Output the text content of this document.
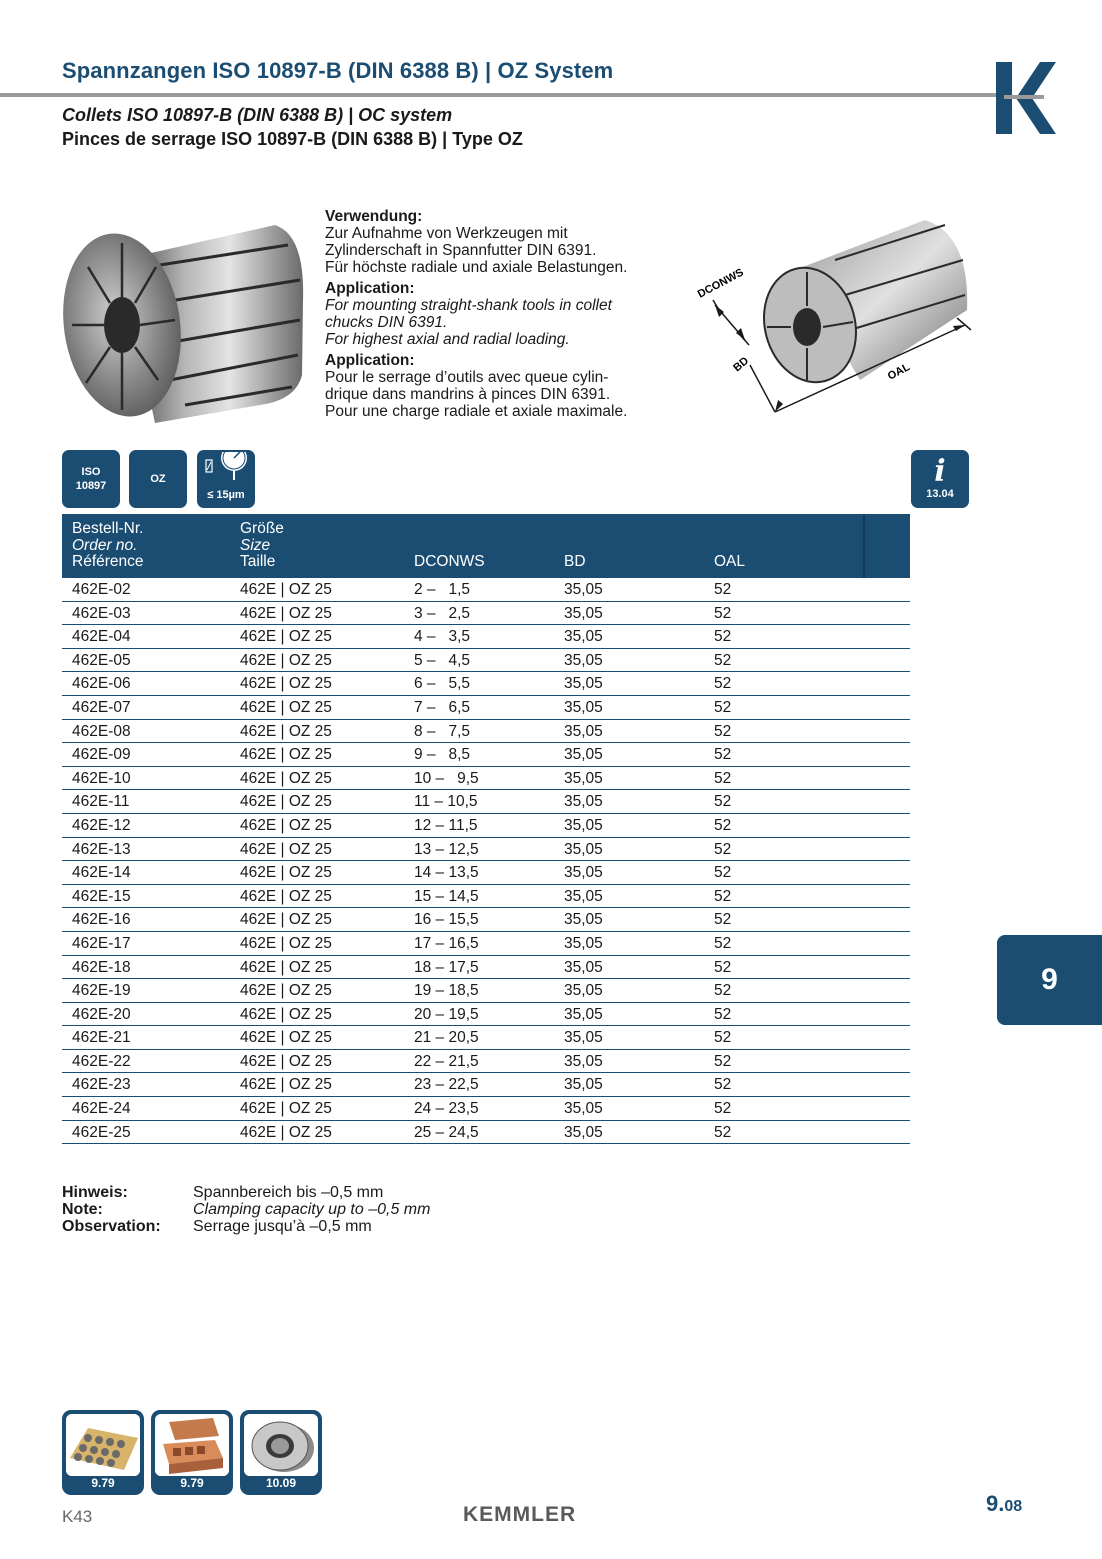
Spannzangen ISO 10897-B (DIN 6388 B) | OZ System
Collets ISO 10897-B (DIN 6388 B) | OC system
Pinces de serrage ISO 10897-B (DIN 6388 B) | Type OZ
Verwendung:
Zur Aufnahme von Werkzeugen mit
Zylinderschaft in Spannfutter DIN 6391.
Für höchste radiale und axiale Belastungen.
Application:
For mounting straight-shank tools in collet
chucks DIN 6391.
For highest axial and radial loading.
Application:
Pour le serrage d’outils avec queue cylin-
drique dans mandrins à pinces DIN 6391.
Pour une charge radiale et axiale maximale.
DCONWS
BD	OAL
ISO
10897
OZ
≤ 15µm
i
13.04
Bestell-Nr.
Order no.
Référence
Größe
Size
Taille	DCONWS	BD	OAL
462E-02	462E | OZ 25	2 –   1,5	35,05	52
462E-03	462E | OZ 25	3 –   2,5	35,05	52
462E-04	462E | OZ 25	4 –   3,5	35,05	52
462E-05	462E | OZ 25	5 –   4,5	35,05	52
462E-06	462E | OZ 25	6 –   5,5	35,05	52
462E-07	462E | OZ 25	7 –   6,5	35,05	52
462E-08	462E | OZ 25	8 –   7,5	35,05	52
462E-09	462E | OZ 25	9 –   8,5	35,05	52
462E-10	462E | OZ 25	10 –   9,5	35,05	52
462E-11	462E | OZ 25	11 – 10,5	35,05	52
462E-12	462E | OZ 25	12 – 11,5	35,05	52
462E-13	462E | OZ 25	13 – 12,5	35,05	52
462E-14	462E | OZ 25	14 – 13,5	35,05	52
462E-15	462E | OZ 25	15 – 14,5	35,05	52
462E-16	462E | OZ 25	16 – 15,5	35,05	52
462E-17	462E | OZ 25	17 – 16,5	35,05	52
462E-18	462E | OZ 25	18 – 17,5	35,05	52
462E-19	462E | OZ 25	19 – 18,5	35,05	52
462E-20	462E | OZ 25	20 – 19,5	35,05	52
462E-21	462E | OZ 25	21 – 20,5	35,05	52
462E-22	462E | OZ 25	22 – 21,5	35,05	52
462E-23	462E | OZ 25	23 – 22,5	35,05	52
462E-24	462E | OZ 25	24 – 23,5	35,05	52
462E-25	462E | OZ 25	25 – 24,5	35,05	52
Hinweis:	Spannbereich bis –0,5 mm
Note:	Clamping capacity up to –0,5 mm
Observation: Serrage jusqu’à –0,5 mm
9
9.79	9.79	10.09
K43	KEMMLER	9.08
